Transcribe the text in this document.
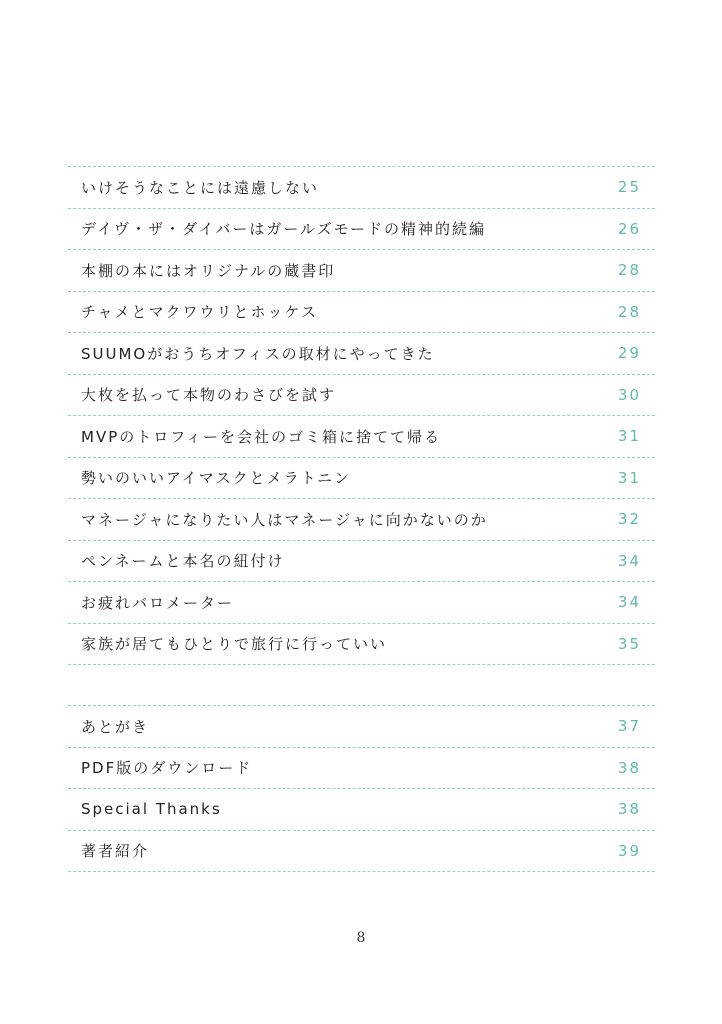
いけそうなことには遠慮しない	25
デイヴ・ザ・ダイバーはガールズモードの精神的続編	26
本棚の本にはオリジナルの蔵書印	28
チャメとマクワウリとホッケス	28
SUUMOがおうちオフィスの取材にやってきた	29
大枚を払って本物のわさびを試す	30
MVPのトロフィーを会社のゴミ箱に捨てて帰る	31
勢いのいいアイマスクとメラトニン	31
マネージャになりたい人はマネージャに向かないのか	32
ペンネームと本名の紐付け	34
お疲れバロメーター	34
家族が居てもひとりで旅行に行っていい	35
あとがき	37
PDF版のダウンロード	38
Special Thanks	38
著者紹介	39
8
